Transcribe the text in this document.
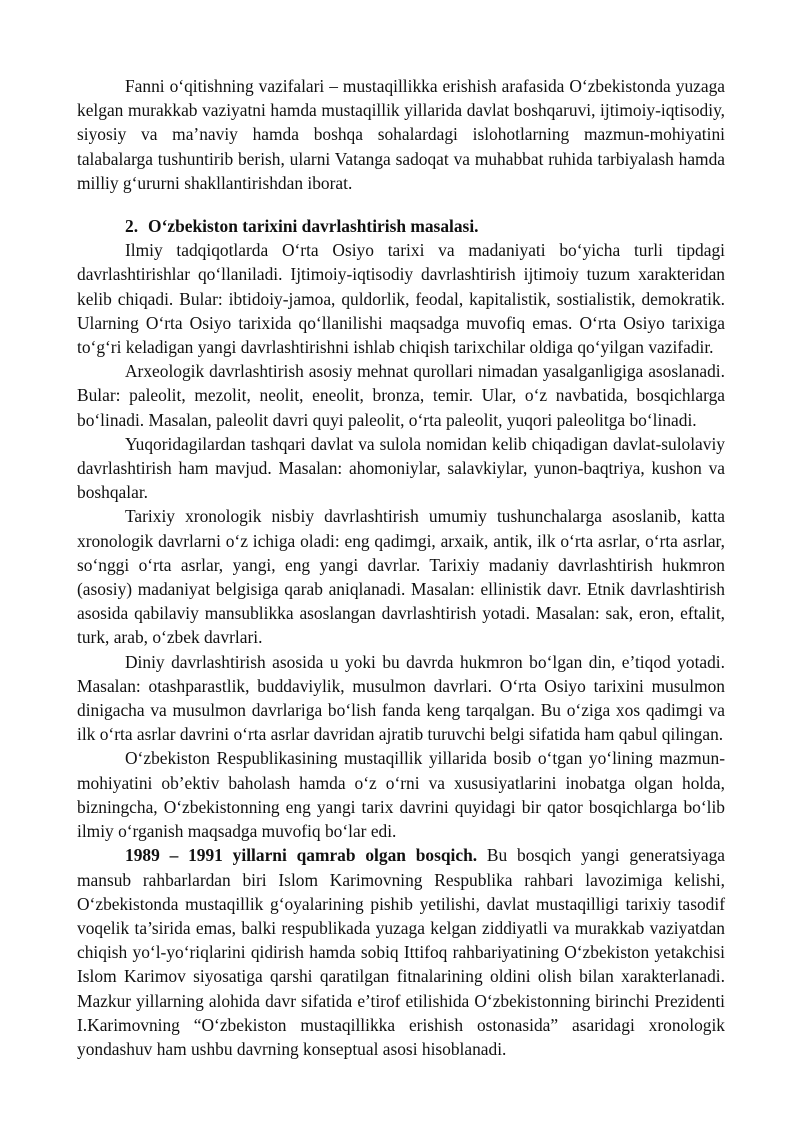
Fanni o‘qitishning vazifalari – mustaqillikka erishish arafasida O‘zbekistonda yuzaga kelgan murakkab vaziyatni hamda mustaqillik yillarida davlat boshqaruvi, ijtimoiy-iqtisodiy, siyosiy va ma’naviy hamda boshqa sohalardagi islohotlarning mazmun-mohiyatini talabalarga tushuntirib berish, ularni Vatanga sadoqat va muhabbat ruhida tarbiyalash hamda milliy g‘ururni shakllantirishdan iborat.

2. O‘zbekiston tarixini davrlashtirish masalasi.

Ilmiy tadqiqotlarda O‘rta Osiyo tarixi va madaniyati bo‘yicha turli tipdagi davrlashtirishlar qo‘llaniladi. Ijtimoiy-iqtisodiy davrlashtirish ijtimoiy tuzum xarakteridan kelib chiqadi. Bular: ibtidoiy-jamoa, quldorlik, feodal, kapitalistik, sostialistik, demokratik. Ularning O‘rta Osiyo tarixida qo‘llanilishi maqsadga muvofiq emas. O‘rta Osiyo tarixiga to‘g‘ri keladigan yangi davrlashtirishni ishlab chiqish tarixchilar oldiga qo‘yilgan vazifadir.

Arxeologik davrlashtirish asosiy mehnat qurollari nimadan yasalganligiga asoslanadi. Bular: paleolit, mezolit, neolit, eneolit, bronza, temir. Ular, o‘z navbatida, bosqichlarga bo‘linadi. Masalan, paleolit davri quyi paleolit, o‘rta paleolit, yuqori paleolitga bo‘linadi.

Yuqoridagilardan tashqari davlat va sulola nomidan kelib chiqadigan davlat-sulolaviy davrlashtirish ham mavjud. Masalan: ahomoniylar, salavkiylar, yunon-baqtriya, kushon va boshqalar.

Tarixiy xronologik nisbiy davrlashtirish umumiy tushunchalarga asoslanib, katta xronologik davrlarni o‘z ichiga oladi: eng qadimgi, arxaik, antik, ilk o‘rta asrlar, o‘rta asrlar, so‘nggi o‘rta asrlar, yangi, eng yangi davrlar. Tarixiy madaniy davrlashtirish hukmron (asosiy) madaniyat belgisiga qarab aniqlanadi. Masalan: ellinistik davr. Etnik davrlashtirish asosida qabilaviy mansublikka asoslangan davrlashtirish yotadi. Masalan: sak, eron, eftalit, turk, arab, o‘zbek davrlari.

Diniy davrlashtirish asosida u yoki bu davrda hukmron bo‘lgan din, e’tiqod yotadi. Masalan: otashparastlik, buddaviylik, musulmon davrlari. O‘rta Osiyo tarixini musulmon dinigacha va musulmon davrlariga bo‘lish fanda keng tarqalgan. Bu o‘ziga xos qadimgi va ilk o‘rta asrlar davrini o‘rta asrlar davridan ajratib turuvchi belgi sifatida ham qabul qilingan.

O‘zbekiston Respublikasining mustaqillik yillarida bosib o‘tgan yo‘lining mazmun-mohiyatini ob’ektiv baholash hamda o‘z o‘rni va xususiyatlarini inobatga olgan holda, bizningcha, O‘zbekistonning eng yangi tarix davrini quyidagi bir qator bosqichlarga bo‘lib ilmiy o‘rganish maqsadga muvofiq bo‘lar edi.

1989 – 1991 yillarni qamrab olgan bosqich. Bu bosqich yangi generatsiyaga mansub rahbarlardan biri Islom Karimovning Respublika rahbari lavozimiga kelishi, O‘zbekistonda mustaqillik g‘oyalarining pishib yetilishi, davlat mustaqilligi tarixiy tasodif voqelik ta’sirida emas, balki respublikada yuzaga kelgan ziddiyatli va murakkab vaziyatdan chiqish yo‘l-yo‘riqlarini qidirish hamda sobiq Ittifoq rahbariyatining O‘zbekiston yetakchisi Islom Karimov siyosatiga qarshi qaratilgan fitnalarining oldini olish bilan xarakterlanadi. Mazkur yillarning alohida davr sifatida e’tirof etilishida O‘zbekistonning birinchi Prezidenti I.Karimovning “O‘zbekiston mustaqillikka erishish ostonasida” asaridagi xronologik yondashuv ham ushbu davrning konseptual asosi hisoblanadi.
